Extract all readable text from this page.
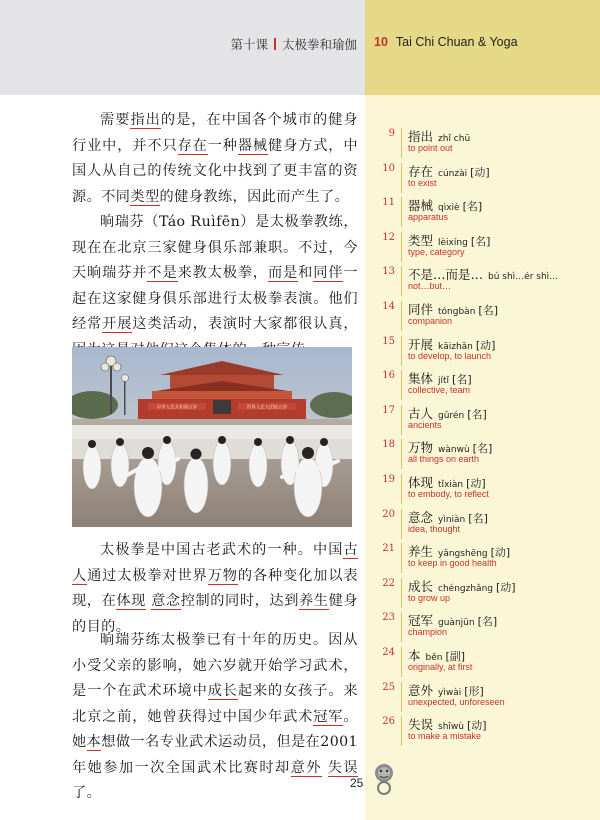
第十课 太极拳和瑜伽 10 Tai Chi Chuan & Yoga
需要指出的是，在中国各个城市的健身行业中，并不只存在一种器械健身方式，中国人从自己的传统文化中找到了更丰富的资源。不同类型的健身教练，因此而产生了。
晌瑞芬（Táo Ruìfēn）是太极拳教练，现在在北京三家健身俱乐部兼职。不过，今天晌瑞芬并不是来教太极拳，而是和同伴一起在这家健身俱乐部进行太极拳表演。他们经常开展这类活动，表演时大家都很认真，
中华人民共和国万岁	世界人民大团结万岁
太极拳是中国古老武术的一种。中国古人通过太极拳对世界万物的各种变化加以表现，在体现 意念控制的同时，达到养生健身的目的。
晌瑞芬练太极拳已有十年的历史。因从小受父亲的影响，她六岁就开始学习武术，是一个在武术环境中成长起来的女孩子。来北京之前，她曾获得过中国少年武术冠军。她本想做一名专业武术运动员，但是在2001年她参加一次全国武术比赛时却意外 失误了。
9 指出 zhǐ chū
to point out
10 存在 cúnzài [动]
to exist
11 器械 qìxiè [名]
apparatus
12 类型 lèixíng [名]
type, category
13 不是…而是… bú shì…ér shì…
not…but…
14 同伴 tóngbàn [名]
companion
15 开展 kāizhǎn [动]
to develop, to launch
16 集体 jítǐ [名]
collective, team
17 古人 gǔrén [名]
ancients
18 万物 wànwù [名]
all things on earth
19 体现 tǐxiàn [动]
to embody, to reflect
20 意念 yìniàn [名]
idea, thought
21 养生 yǎngshēng [动]
to keep in good health
22 成长 chéngzhǎng [动]
to grow up
23 冠军 guànjūn [名]
champion
24 本 běn [副]
originally, at first
25 意外 yìwài [形]
unexpected, unforeseen
26 失误 shīwù [动]
to make a mistake
25
